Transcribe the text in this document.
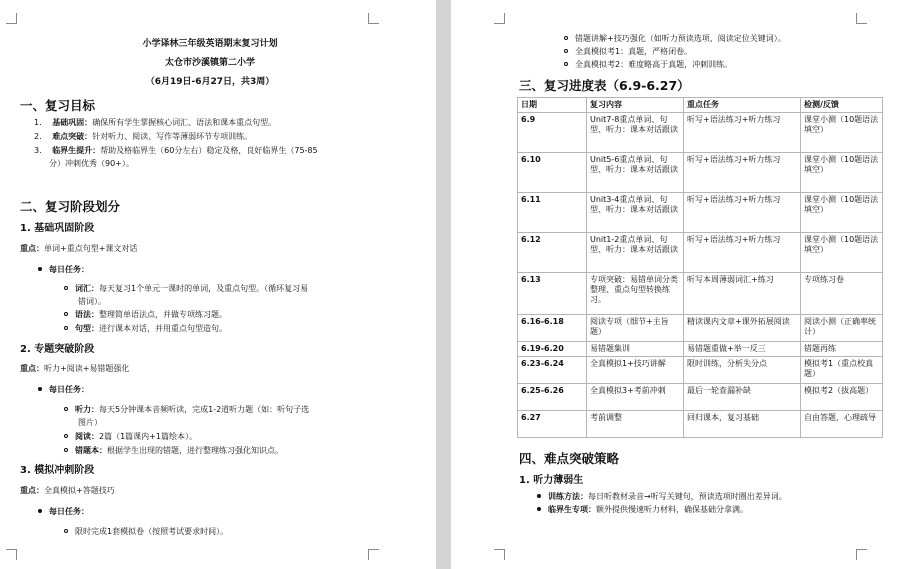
小学译林三年级英语期末复习计划
太仓市沙溪镇第二小学
（6月19日-6月27日，共3周）
一、复习目标
1. 基础巩固：确保所有学生掌握核心词汇、语法和课本重点句型。
2. 难点突破：针对听力、阅读、写作等薄弱环节专项训练。
3. 临界生提升：帮助及格临界生（60分左右）稳定及格，良好临界生（75-85
分）冲刺优秀（90+）。
二、复习阶段划分
1. 基础巩固阶段
重点：单词+重点句型+课文对话
每日任务：
词汇：每天复习1个单元一课时的单词，及重点句型。（循环复习易
错词）。
语法：整理简单语法点，并做专项练习题。
句型：进行课本对话，并用重点句型造句。
2. 专题突破阶段
重点：听力+阅读+易错题强化
每日任务：
听力：每天5分钟课本音频听读，完成1-2道听力题（如：听句子选
图片）
阅读：2篇（1篇课内+1篇绘本）。
错题本：根据学生出现的错题，进行整理练习强化知识点。
3. 模拟冲刺阶段
重点：全真模拟+答题技巧
每日任务：
限时完成1套模拟卷（按照考试要求时间）。
错题讲解+技巧强化（如听力预读选项、阅读定位关键词）。
全真模拟考1：真题，严格闭卷。
全真模拟考2：难度略高于真题，冲刺训练。
三、复习进度表（6.9-6.27）
日期	复习内容	重点任务	检测/反馈
6.9	Unit7-8重点单词、句型、听力：课本对话跟读	听写+语法练习+听力练习	课堂小测（10题语法填空）
6.10	Unit5-6重点单词、句型、听力：课本对话跟读	听写+语法练习+听力练习	课堂小测（10题语法填空）
6.11	Unit3-4重点单词、句型、听力：课本对话跟读	听写+语法练习+听力练习	课堂小测（10题语法填空）
6.12	Unit1-2重点单词、句型、听力：课本对话跟读	听写+语法练习+听力练习	课堂小测（10题语法填空）
6.13	专项突破：易错单词分类整理、重点句型转换练习。	听写本周薄弱词汇+练习	专项练习卷
6.16-6.18	阅读专项（细节+主旨题）	精读课内文章+课外拓展阅读	阅读小测（正确率统计）
6.19-6.20	易错题集训	易错题重做+举一反三	错题再练
6.23-6.24	全真模拟1+技巧讲解	限时训练，分析失分点	模拟考1（重点校真题）
6.25-6.26	全真模拟3+考前冲刺	最后一轮查漏补缺	模拟考2（拔高题）
6.27	考前调整	回归课本，复习基础	自由答题，心理疏导
四、难点突破策略
1. 听力薄弱生
训练方法：每日听教材录音→听写关键句，预读选项时圈出差异词。
临界生专项：额外提供慢速听力材料，确保基础分拿满。
